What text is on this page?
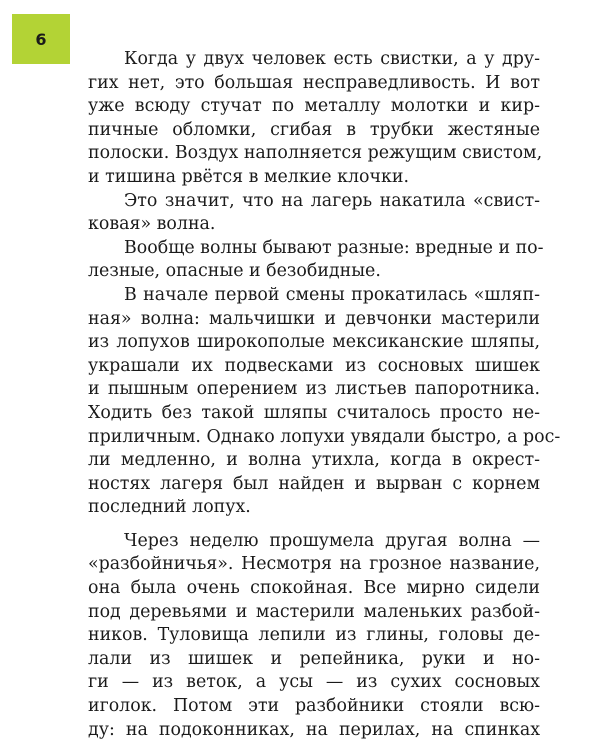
6
Когда у двух человек есть свистки, а у дру-
гих нет, это большая несправедливость. И вот
уже всюду стучат по металлу молотки и кир-
пичные обломки, сгибая в трубки жестяные
полоски. Воздух наполняется режущим свистом,
и тишина рвётся в мелкие клочки.
Это значит, что на лагерь накатила «свист-
ковая» волна.
Вообще волны бывают разные: вредные и по-
лезные, опасные и безобидные.
В начале первой смены прокатилась «шляп-
ная» волна: мальчишки и девчонки мастерили
из лопухов широкополые мексиканские шляпы,
украшали их подвесками из сосновых шишек
и пышным оперением из листьев папоротника.
Ходить без такой шляпы считалось просто не-
приличным. Однако лопухи увядали быстро, а рос-
ли медленно, и волна утихла, когда в окрест-
ностях лагеря был найден и вырван с корнем
последний лопух.
Через неделю прошумела другая волна —
«разбойничья». Несмотря на грозное название,
она была очень спокойная. Все мирно сидели
под деревьями и мастерили маленьких разбой-
ников. Туловища лепили из глины, головы де-
лали из шишек и репейника, руки и но-
ги — из веток, а усы — из сухих сосновых
иголок. Потом эти разбойники стояли всю-
ду: на подоконниках, на перилах, на спинках
